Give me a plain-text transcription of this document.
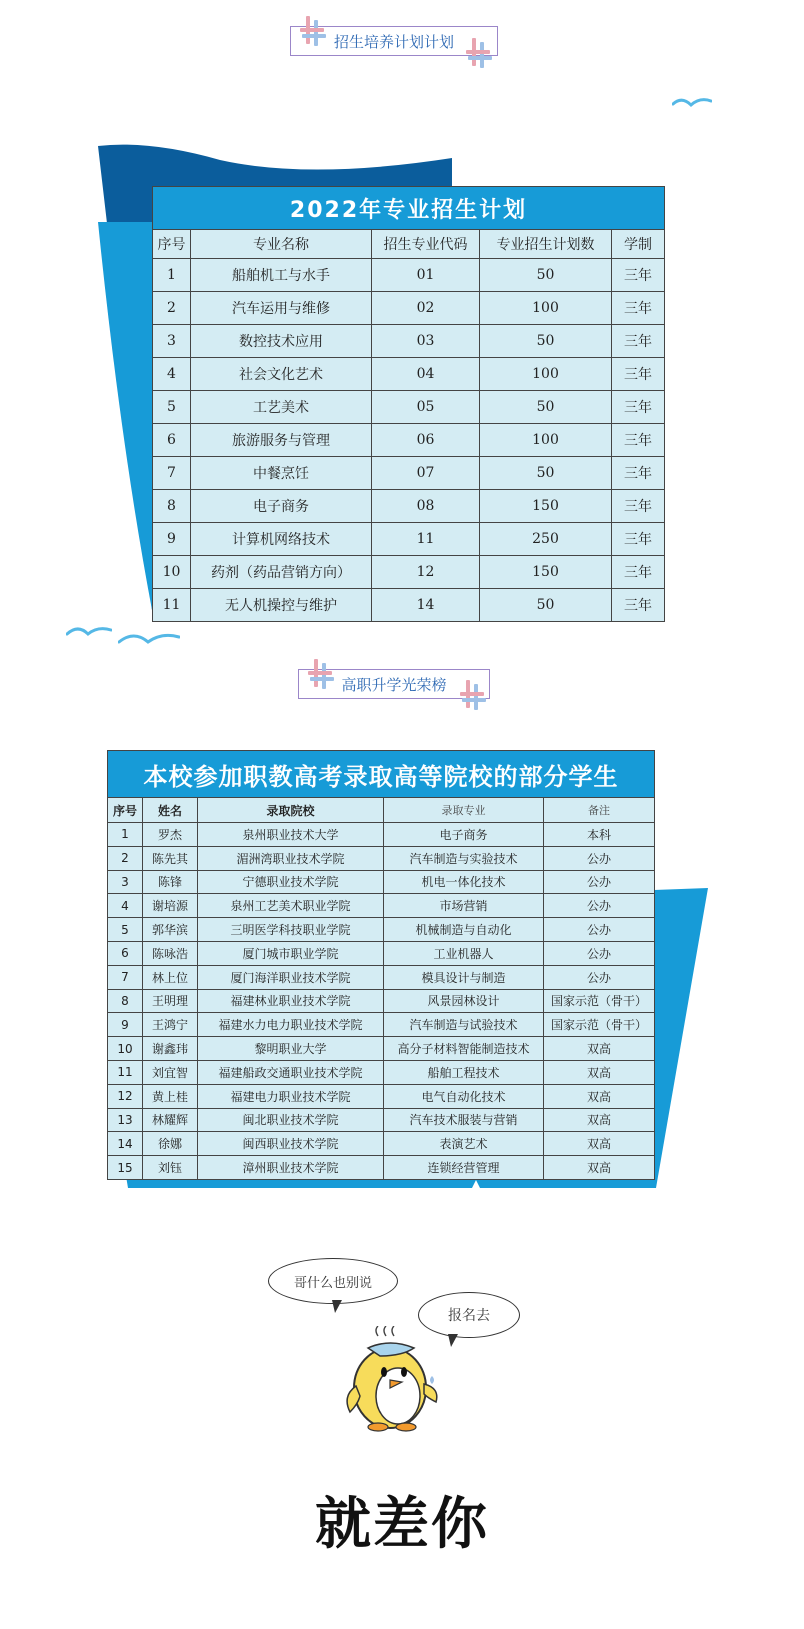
招生培养计划计划
2022年专业招生计划				
序号	专业名称	招生专业代码	专业招生计划数	学制
1	船舶机工与水手	01	50	三年
2	汽车运用与维修	02	100	三年
3	数控技术应用	03	50	三年
4	社会文化艺术	04	100	三年
5	工艺美术	05	50	三年
6	旅游服务与管理	06	100	三年
7	中餐烹饪	07	50	三年
8	电子商务	08	150	三年
9	计算机网络技术	11	250	三年
10	药剂（药品营销方向）	12	150	三年
11	无人机操控与维护	14	50	三年
高职升学光荣榜
本校参加职教高考录取高等院校的部分学生				
序号	姓名	录取院校	录取专业	备注
1	罗杰	泉州职业技术大学	电子商务	本科
2	陈先其	湄洲湾职业技术学院	汽车制造与实验技术	公办
3	陈锋	宁德职业技术学院	机电一体化技术	公办
4	谢培源	泉州工艺美术职业学院	市场营销	公办
5	郭华滨	三明医学科技职业学院	机械制造与自动化	公办
6	陈咏浩	厦门城市职业学院	工业机器人	公办
7	林上位	厦门海洋职业技术学院	模具设计与制造	公办
8	王明理	福建林业职业技术学院	风景园林设计	国家示范（骨干）
9	王鸿宁	福建水力电力职业技术学院	汽车制造与试验技术	国家示范（骨干）
10	谢鑫玮	黎明职业大学	高分子材料智能制造技术	双高
11	刘宜智	福建船政交通职业技术学院	船舶工程技术	双高
12	黄上桂	福建电力职业技术学院	电气自动化技术	双高
13	林耀辉	闽北职业技术学院	汽车技术服装与营销	双高
14	徐娜	闽西职业技术学院	表演艺术	双高
15	刘钰	漳州职业技术学院	连锁经营管理	双高
哥什么也别说
报名去
就差你
